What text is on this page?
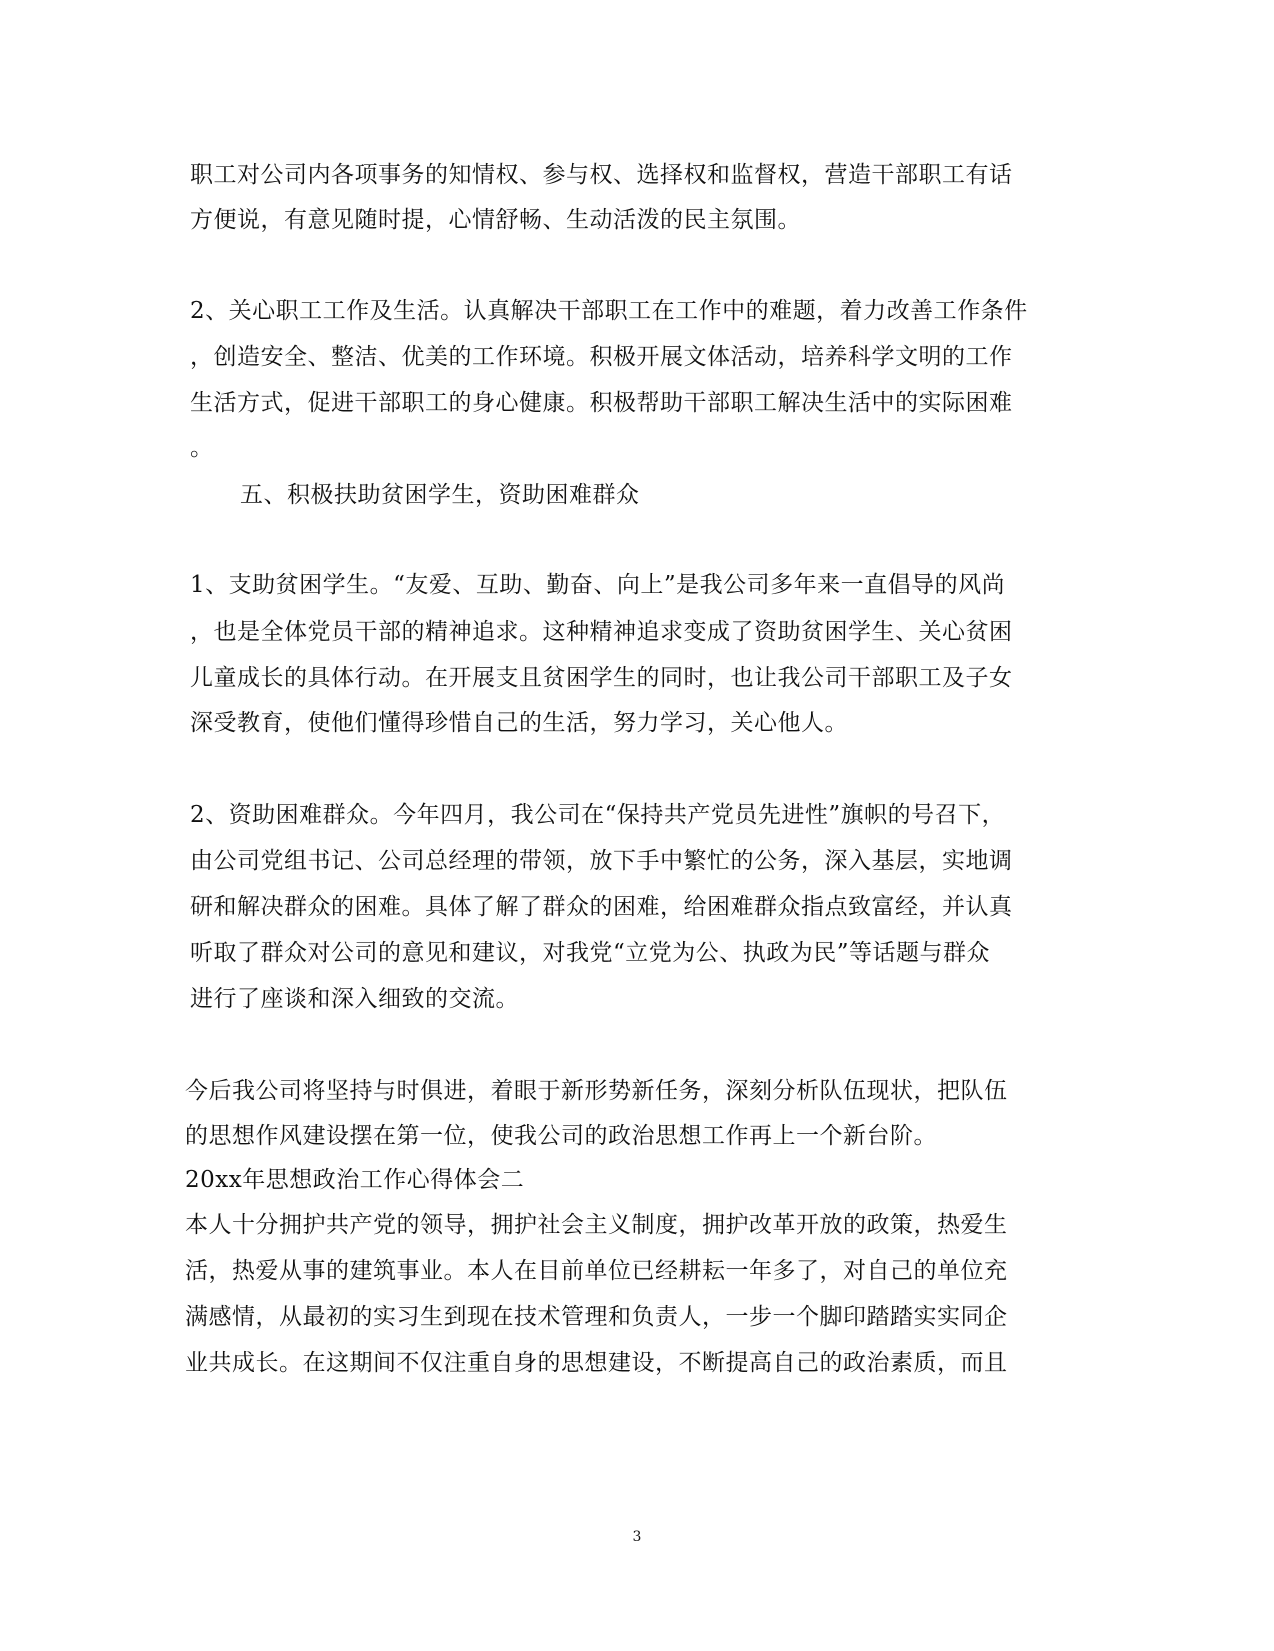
职工对公司内各项事务的知情权、参与权、选择权和监督权，营造干部职工有话
方便说，有意见随时提，心情舒畅、生动活泼的民主氛围。
2、关心职工工作及生活。认真解决干部职工在工作中的难题，着力改善工作条件
，创造安全、整洁、优美的工作环境。积极开展文体活动，培养科学文明的工作
生活方式，促进干部职工的身心健康。积极帮助干部职工解决生活中的实际困难
。
五、积极扶助贫困学生，资助困难群众
1、支助贫困学生。“友爱、互助、勤奋、向上”是我公司多年来一直倡导的风尚
，也是全体党员干部的精神追求。这种精神追求变成了资助贫困学生、关心贫困
儿童成长的具体行动。在开展支且贫困学生的同时，也让我公司干部职工及子女
深受教育，使他们懂得珍惜自己的生活，努力学习，关心他人。
2、资助困难群众。今年四月，我公司在“保持共产党员先进性”旗帜的号召下，
由公司党组书记、公司总经理的带领，放下手中繁忙的公务，深入基层，实地调
研和解决群众的困难。具体了解了群众的困难，给困难群众指点致富经，并认真
听取了群众对公司的意见和建议，对我党“立党为公、执政为民”等话题与群众
进行了座谈和深入细致的交流。
今后我公司将坚持与时俱进，着眼于新形势新任务，深刻分析队伍现状，把队伍
的思想作风建设摆在第一位，使我公司的政治思想工作再上一个新台阶。
20xx年思想政治工作心得体会二
本人十分拥护共产党的领导，拥护社会主义制度，拥护改革开放的政策，热爱生
活，热爱从事的建筑事业。本人在目前单位已经耕耘一年多了，对自己的单位充
满感情，从最初的实习生到现在技术管理和负责人，一步一个脚印踏踏实实同企
业共成长。在这期间不仅注重自身的思想建设，不断提高自己的政治素质，而且
3
